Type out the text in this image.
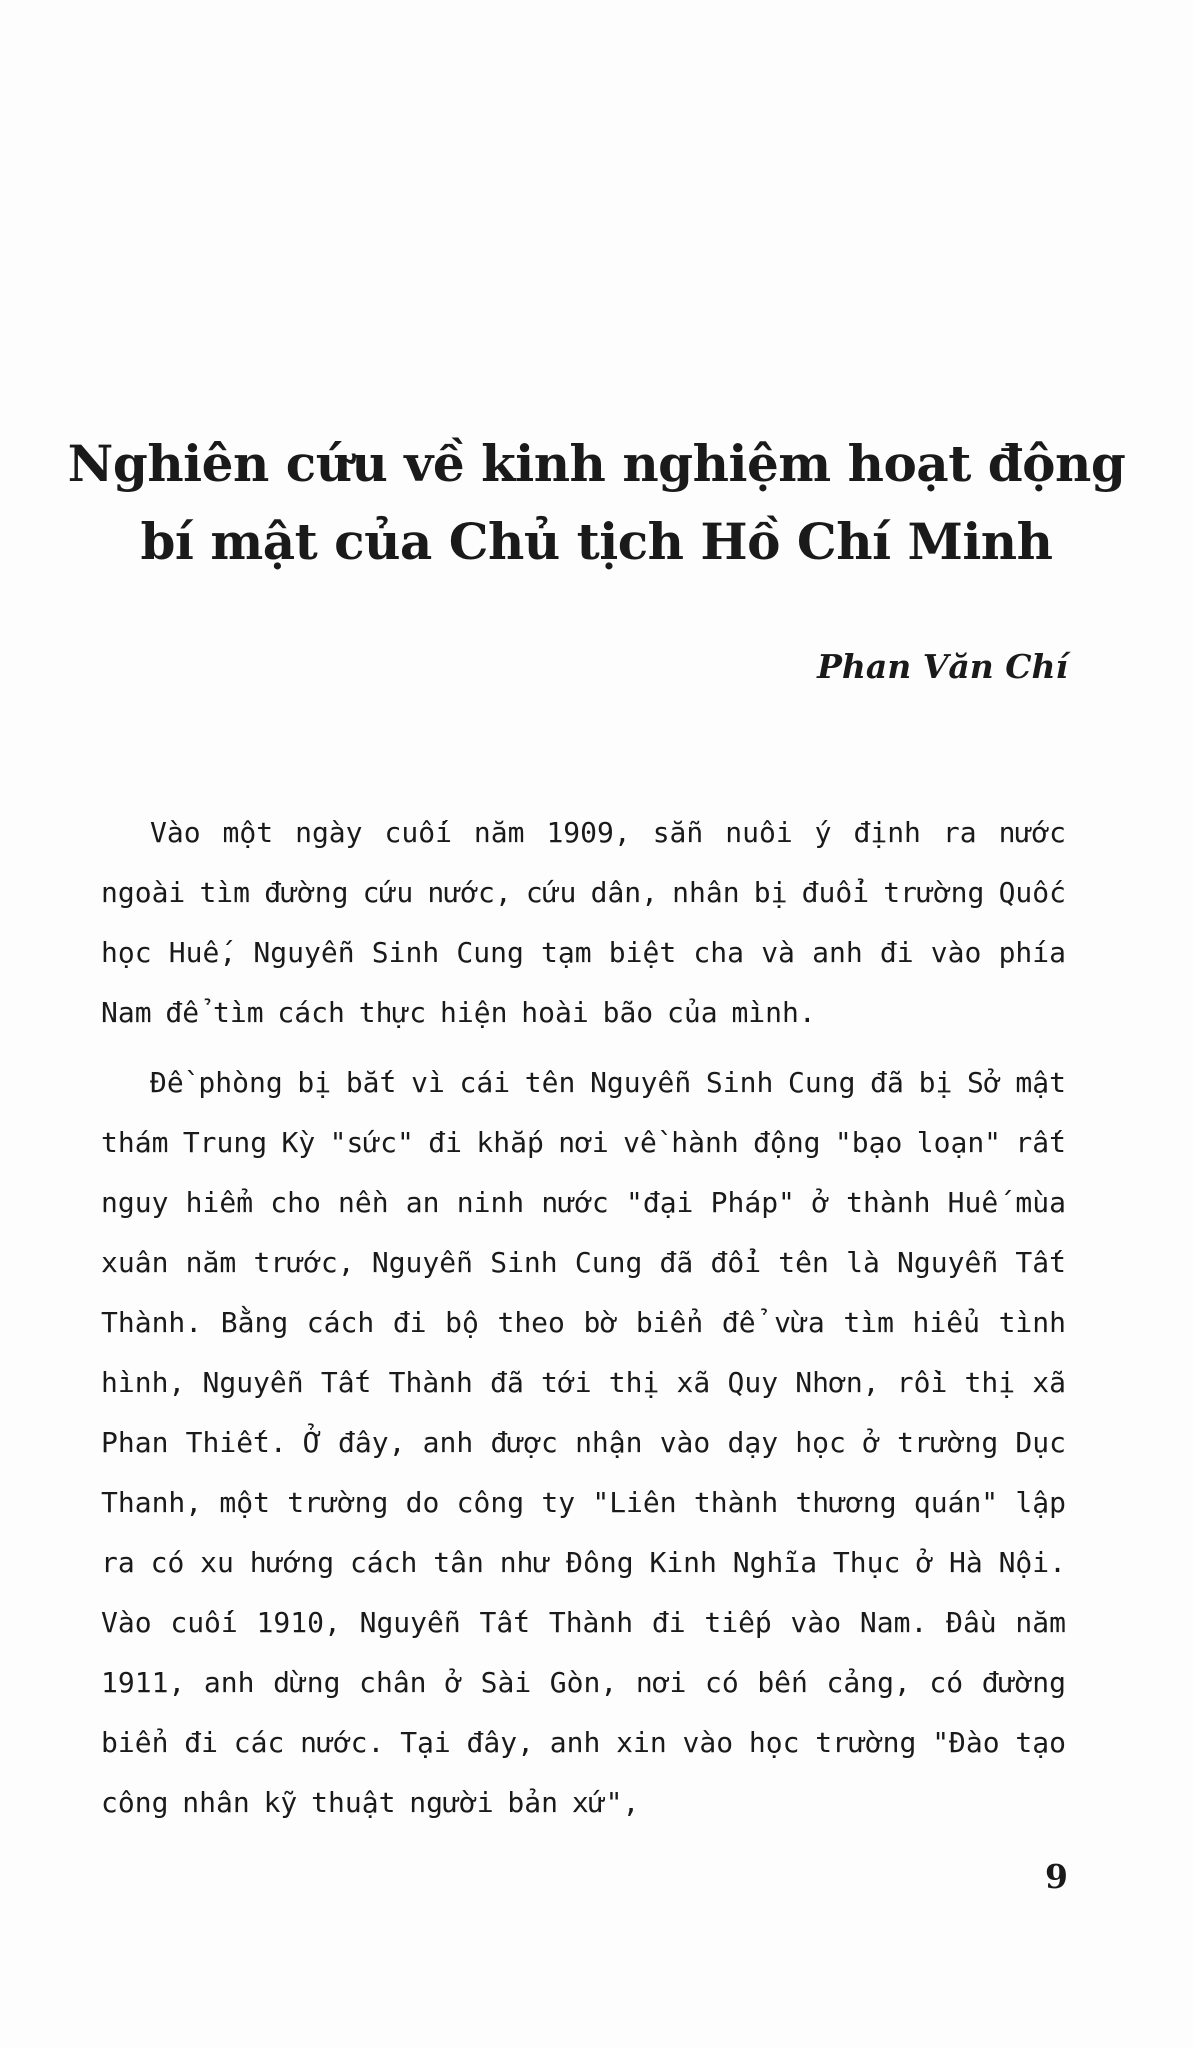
Nghiên cứu về kinh nghiệm hoạt động
bí mật của Chủ tịch Hồ Chí Minh

Phan Văn Chí

Vào một ngày cuối năm 1909, sẵn nuôi ý định ra nước ngoài tìm đường cứu nước, cứu dân, nhân bị đuổi trường Quốc học Huế, Nguyễn Sinh Cung tạm biệt cha và anh đi vào phía Nam để tìm cách thực hiện hoài bão của mình.

Đề phòng bị bắt vì cái tên Nguyễn Sinh Cung đã bị Sở mật thám Trung Kỳ "sức" đi khắp nơi về hành động "bạo loạn" rất nguy hiểm cho nền an ninh nước "đại Pháp" ở thành Huế mùa xuân năm trước, Nguyễn Sinh Cung đã đổi tên là Nguyễn Tất Thành. Bằng cách đi bộ theo bờ biển để vừa tìm hiểu tình hình, Nguyễn Tất Thành đã tới thị xã Quy Nhơn, rồi thị xã Phan Thiết. Ở đây, anh được nhận vào dạy học ở trường Dục Thanh, một trường do công ty "Liên thành thương quán" lập ra có xu hướng cách tân như Đông Kinh Nghĩa Thục ở Hà Nội. Vào cuối 1910, Nguyễn Tất Thành đi tiếp vào Nam. Đầu năm 1911, anh dừng chân ở Sài Gòn, nơi có bến cảng, có đường biển đi các nước. Tại đây, anh xin vào học trường "Đào tạo công nhân kỹ thuật người bản xứ",

9
